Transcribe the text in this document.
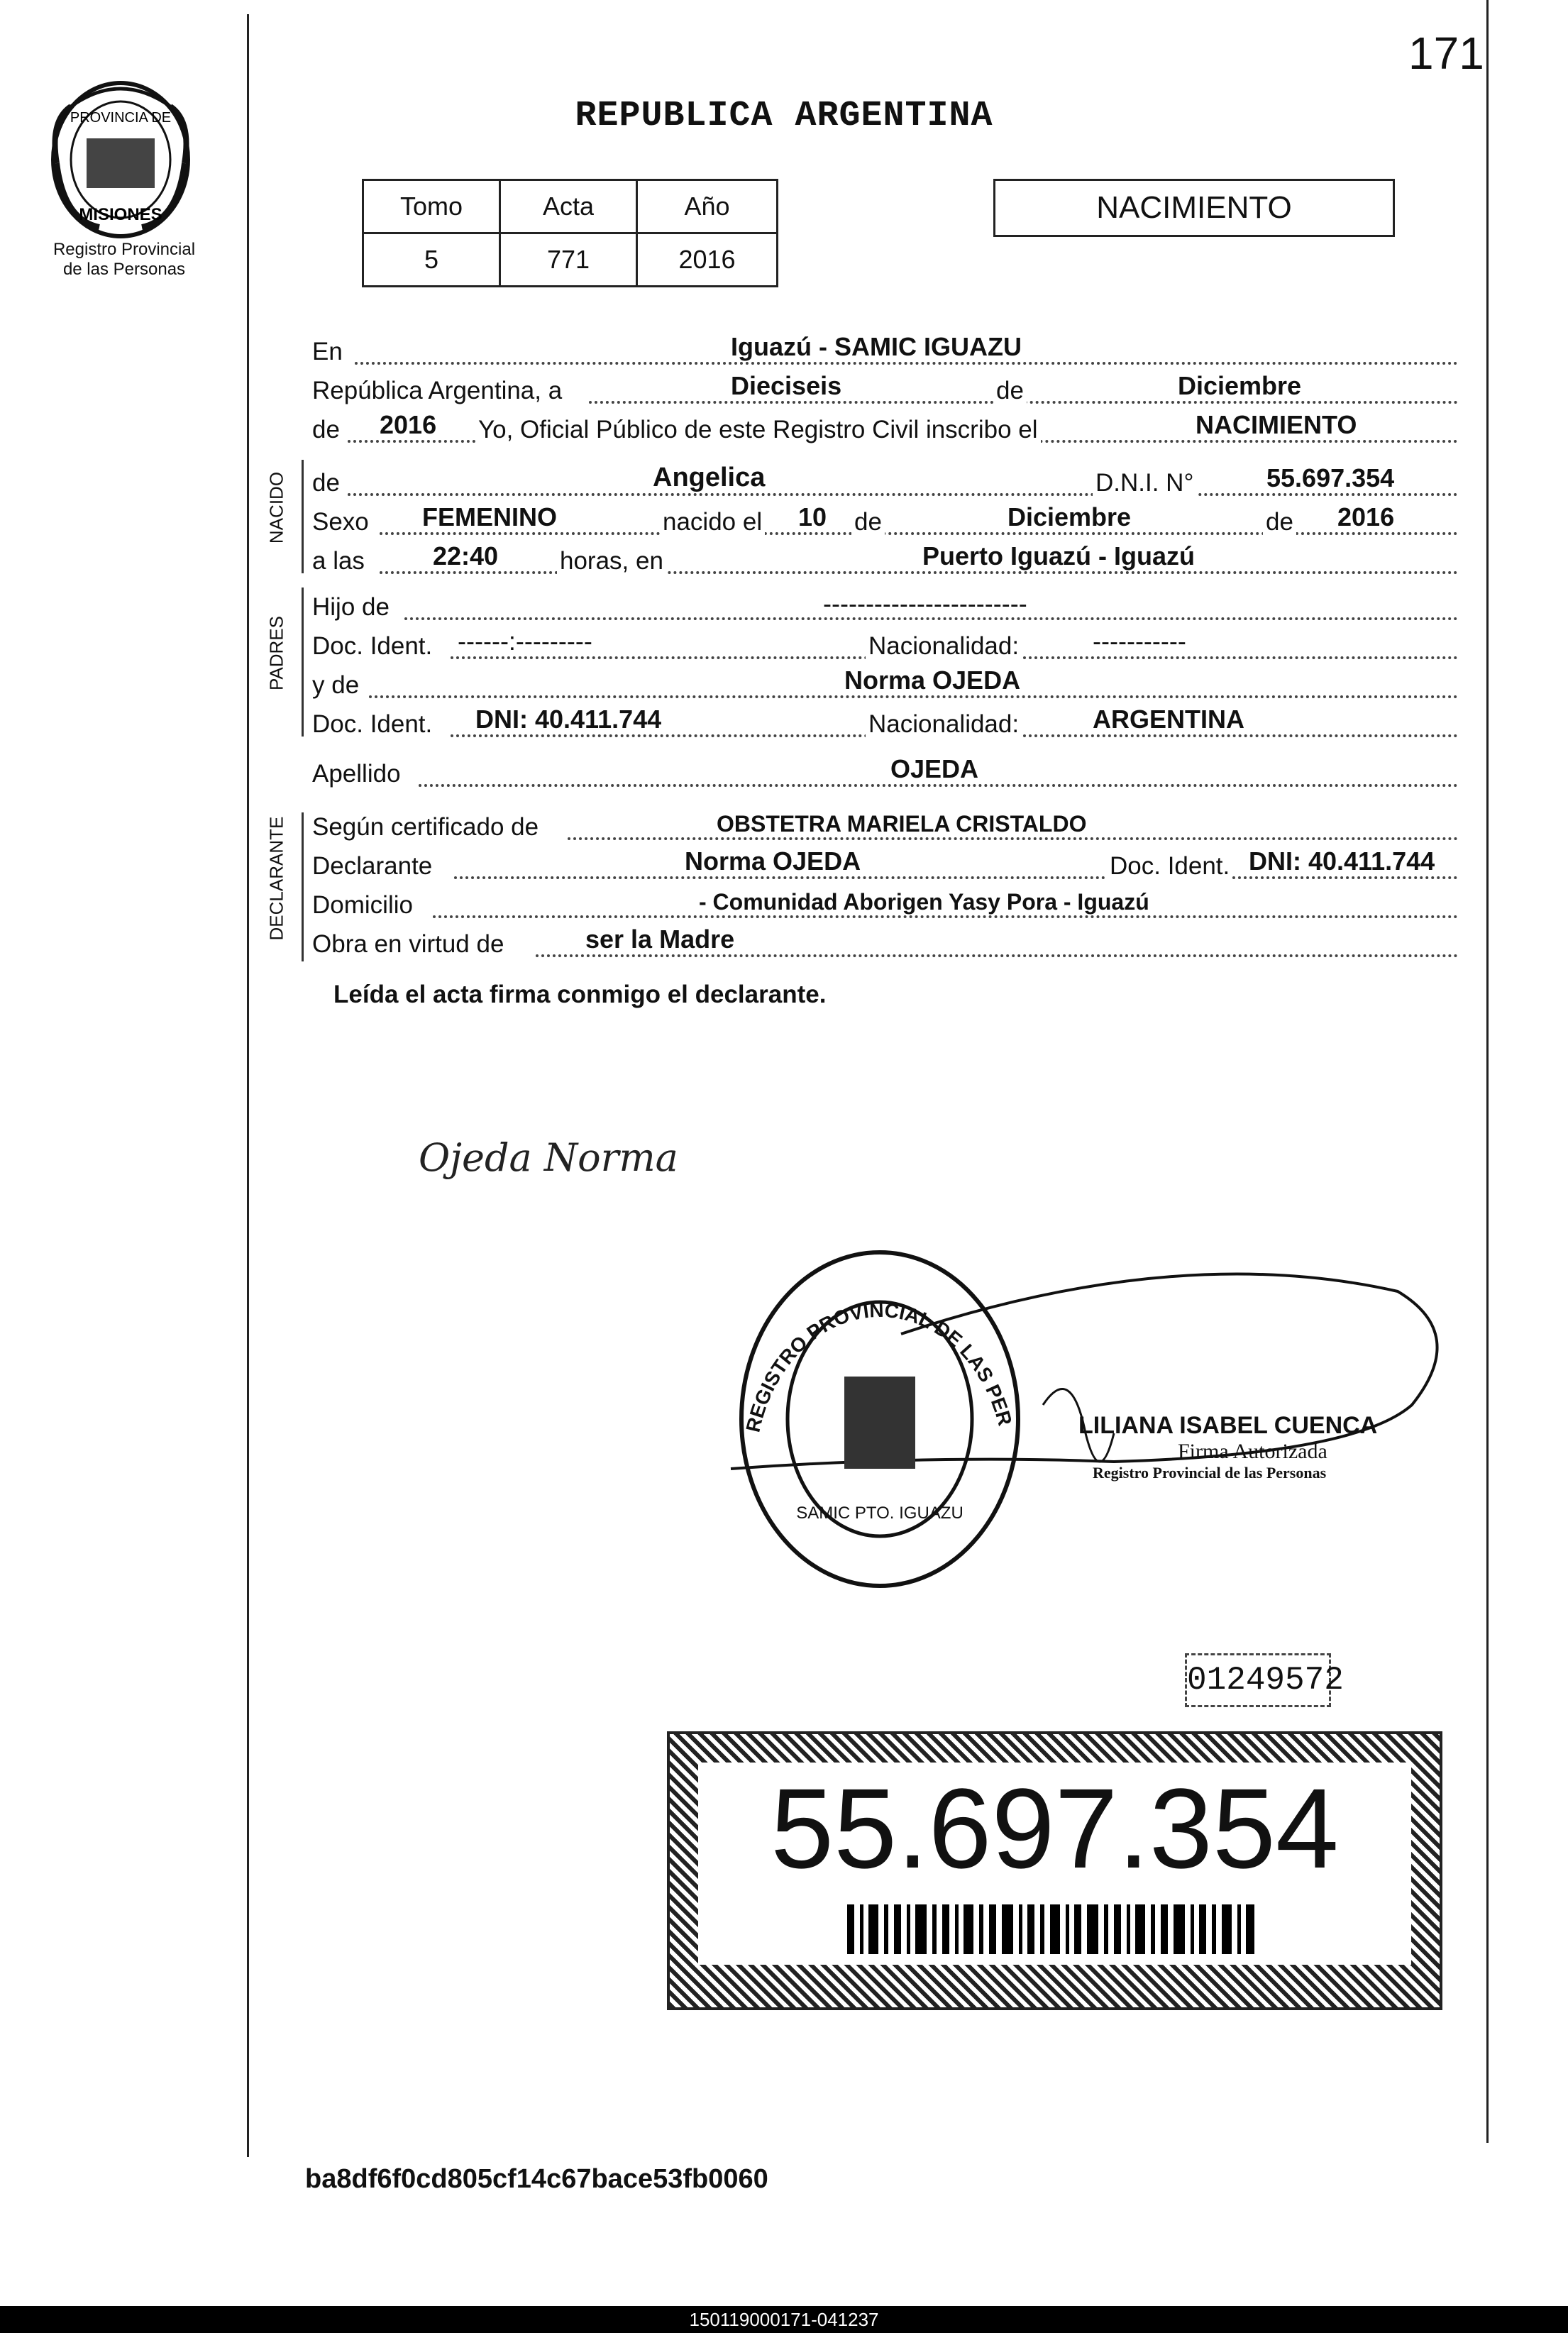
171
PROVINCIA DE
MISIONES
Registro Provincial
de las Personas
REPUBLICA ARGENTINA
Tomo	Acta	Año
5	771	2016
NACIMIENTO
En	Iguazú - SAMIC IGUAZU
República Argentina, a	Dieciseis	de	Diciembre
de 2016 Yo, Oficial Público de este Registro Civil inscribo el	NACIMIENTO
NACIDO de	Angelica	D.N.I. N°	55.697.354
Sexo FEMENINO	nacido el 10 de	Diciembre	de 2016
a las	22:40 horas, en	Puerto Iguazú - Iguazú
PADRES
Hijo de	------------------------
Doc. Ident. ------:---------	Nacionalidad:	-----------
y de	Norma OJEDA
Doc. Ident. DNI: 40.411.744	Nacionalidad:	ARGENTINA
Apellido	OJEDA
DECLARANTE Según certificado de	OBSTETRA MARIELA CRISTALDO
Declarante	Norma OJEDA	Doc. Ident. DNI: 40.411.744
Domicilio	- Comunidad Aborigen Yasy Pora - Iguazú
Obra en virtud de	ser la Madre
Leída el acta firma conmigo el declarante.
Ojeda Norma
REGISTRO PROVINCIAL DE LAS PER
SAMIC PTO. IGUAZU
LILIANA ISABEL CUENCA
Firma Autorizada
Registro Provincial de las Personas
01249572
55.697.354
ba8df6f0cd805cf14c67bace53fb0060
150119000171-041237
